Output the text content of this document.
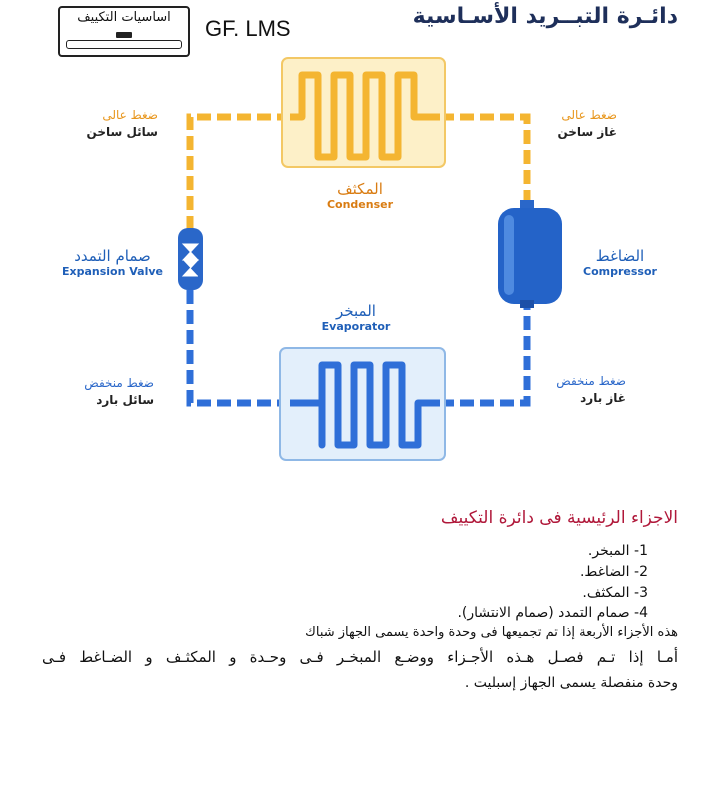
اساسيات التكييف	GF. LMS	دائـرة التبــريد الأسـاسية
ضغط عالى
سائل ساخن
ضغط عالى
غاز ساخن
ضغط منخفض
سائل بارد
ضغط منخفض
غاز بارد
المكثف
Condenser
المبخر
Evaporator
الضاغط
Compressor
صمام التمدد
Expansion Valve
الاجزاء الرئيسية فى دائرة التكييف
1- المبخر.
2- الضاغط.
3- المكثف.
4- صمام التمدد (صمام الانتشار).
هذه الأجزاء الأربعة إذا تم تجميعها فى وحدة واحدة يسمى الجهاز شباك
أمـا إذا تـم فصـل هـذه الأجـزاء ووضـع المبخـر فـى وحـدة و المكثـف و الضـاغط فـى
وحدة منفصلة يسمى الجهاز إسبليت .
